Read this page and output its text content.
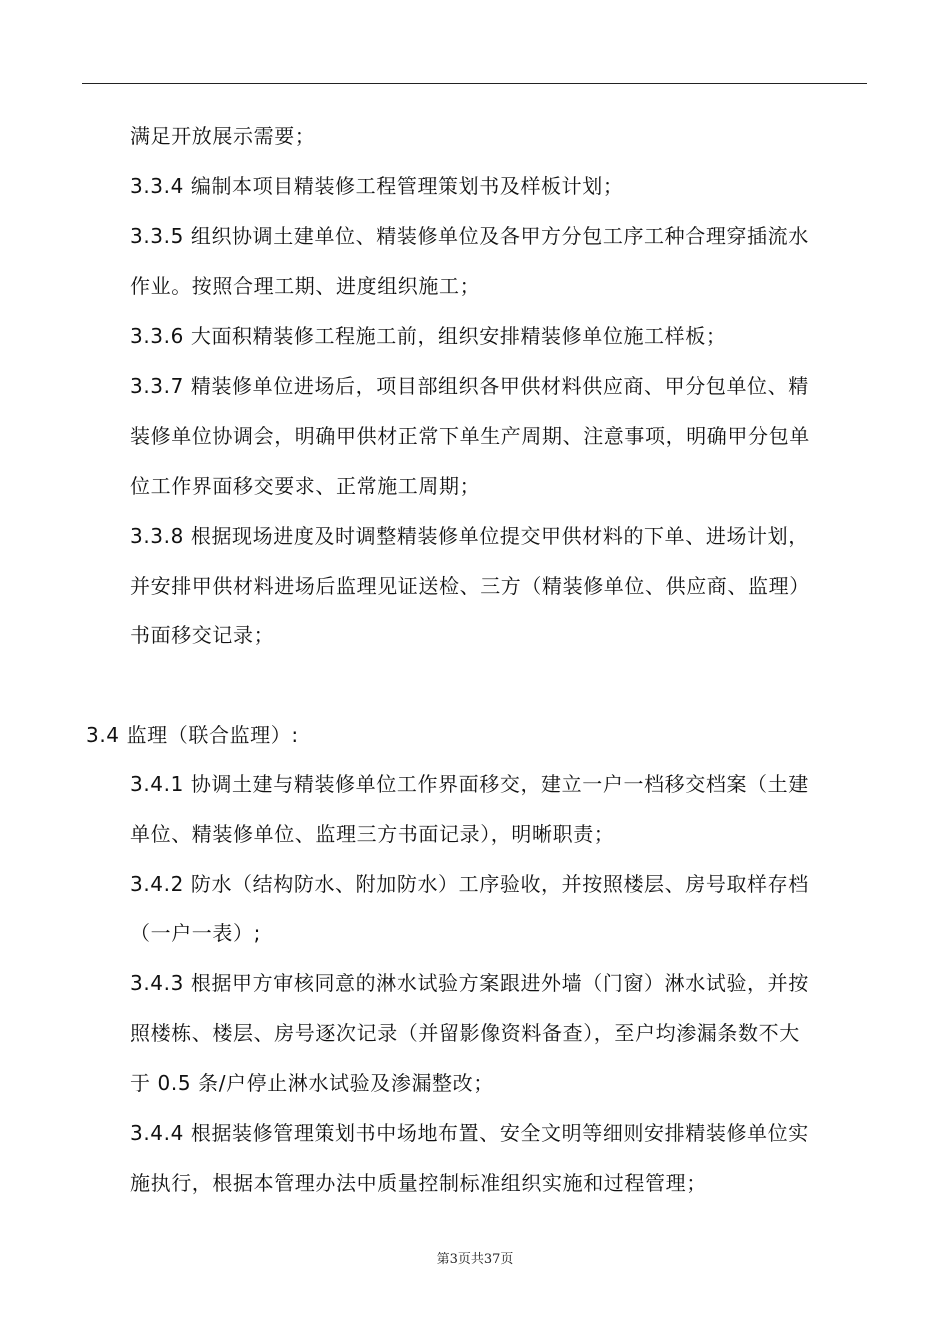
满足开放展示需要；
3.3.4 编制本项目精装修工程管理策划书及样板计划；
3.3.5 组织协调土建单位、精装修单位及各甲方分包工序工种合理穿插流水
作业。按照合理工期、进度组织施工；
3.3.6 大面积精装修工程施工前，组织安排精装修单位施工样板；
3.3.7 精装修单位进场后，项目部组织各甲供材料供应商、甲分包单位、精
装修单位协调会，明确甲供材正常下单生产周期、注意事项，明确甲分包单
位工作界面移交要求、正常施工周期；
3.3.8 根据现场进度及时调整精装修单位提交甲供材料的下单、进场计划，
并安排甲供材料进场后监理见证送检、三方（精装修单位、供应商、监理）
书面移交记录；
3.4 监理（联合监理）:
3.4.1 协调土建与精装修单位工作界面移交，建立一户一档移交档案（土建
单位、精装修单位、监理三方书面记录），明晰职责；
3.4.2 防水（结构防水、附加防水）工序验收，并按照楼层、房号取样存档
（一户一表）;
3.4.3 根据甲方审核同意的淋水试验方案跟进外墙（门窗）淋水试验，并按
照楼栋、楼层、房号逐次记录（并留影像资料备查），至户均渗漏条数不大
于 0.5 条/户停止淋水试验及渗漏整改；
3.4.4 根据装修管理策划书中场地布置、安全文明等细则安排精装修单位实
施执行，根据本管理办法中质量控制标准组织实施和过程管理；
第3页共37页
